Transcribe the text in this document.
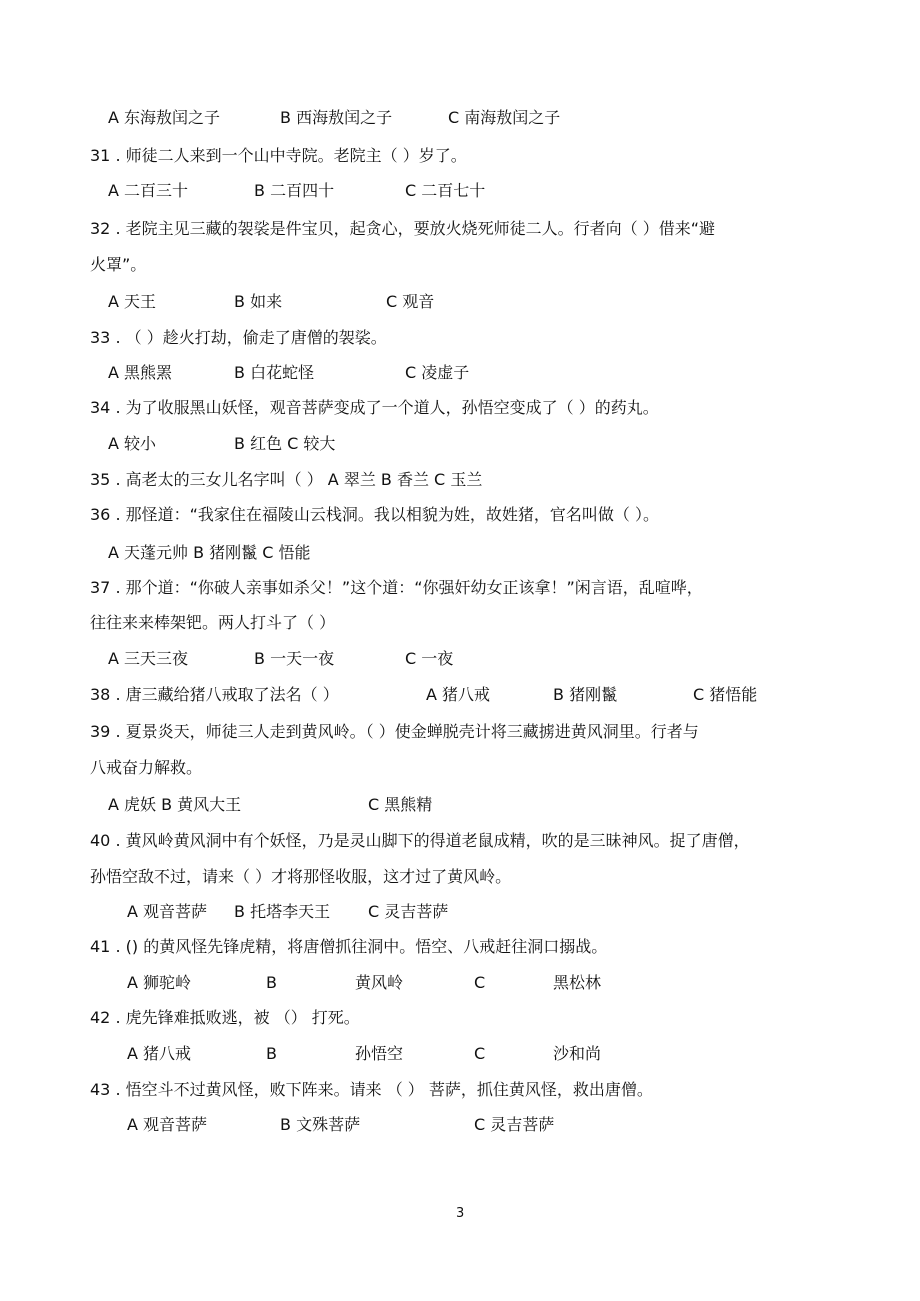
A 东海敖闰之子	B 西海敖闰之子	C 南海敖闰之子
31 . 师徒二人来到一个山中寺院。老院主（ ）岁了。
A 二百三十	B 二百四十	C 二百七十
32 . 老院主见三藏的袈裟是件宝贝，起贪心，要放火烧死师徒二人。行者向（ ）借来“避
火罩”。
A 天王	B 如来	C 观音
33 . （ ）趁火打劫，偷走了唐僧的袈裟。
A 黑熊罴	B 白花蛇怪	C 凌虚子
34 . 为了收服黑山妖怪，观音菩萨变成了一个道人，孙悟空变成了（ ）的药丸。
A 较小	B 红色 C 较大
35 . 高老太的三女儿名字叫（ ） A 翠兰 B 香兰 C 玉兰
36 . 那怪道：“我家住在福陵山云栈洞。我以相貌为姓，故姓猪，官名叫做（ ）。
A 天蓬元帅 B 猪刚鬣 C 悟能
37 . 那个道：“你破人亲事如杀父！”这个道：“你强奸幼女正该拿！”闲言语，乱喧哗，
往往来来棒架钯。两人打斗了（ ）
A 三天三夜	B 一天一夜	C 一夜
38 . 唐三藏给猪八戒取了法名（ ）	A 猪八戒	B 猪刚鬣	C 猪悟能
39 . 夏景炎天，师徒三人走到黄风岭。（ ）使金蝉脱壳计将三藏掳进黄风洞里。行者与
八戒奋力解救。
A 虎妖 B 黄风大王	C 黑熊精
40 . 黄风岭黄风洞中有个妖怪，乃是灵山脚下的得道老鼠成精，吹的是三昧神风。捉了唐僧，
孙悟空敌不过，请来（ ）才将那怪收服，这才过了黄风岭。
A 观音菩萨 B 托塔李天王 C 灵吉菩萨
41 . () 的黄风怪先锋虎精，将唐僧抓往洞中。悟空、八戒赶往洞口搦战。
A 狮驼岭	B	黄风岭	C	黑松林
42 . 虎先锋难抵败逃，被 （） 打死。
A 猪八戒	B	孙悟空	C	沙和尚
43 . 悟空斗不过黄风怪，败下阵来。请来 （ ） 菩萨，抓住黄风怪，救出唐僧。
A 观音菩萨	B 文殊菩萨	C 灵吉菩萨
3
